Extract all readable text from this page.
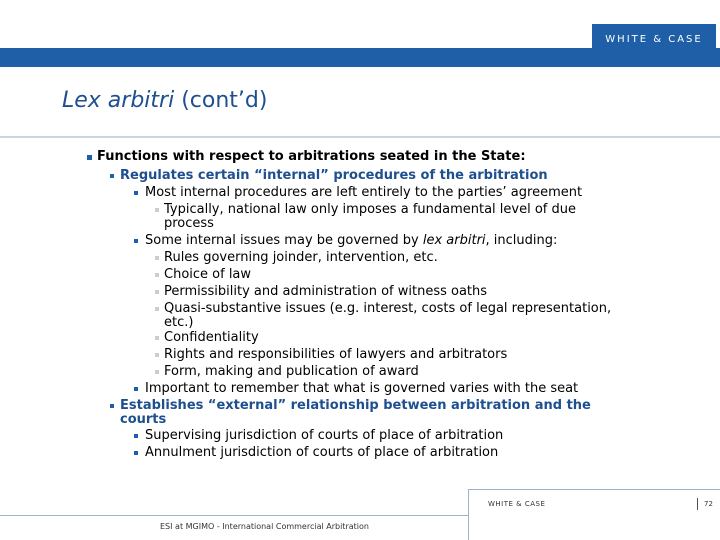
WHITE & CASE
Lex arbitri (cont’d)
Functions with respect to arbitrations seated in the State:
Regulates certain “internal” procedures of the arbitration
Most internal procedures are left entirely to the parties’ agreement
Typically, national law only imposes a fundamental level of due
process
Some internal issues may be governed by lex arbitri, including:
Rules governing joinder, intervention, etc.
Choice of law
Permissibility and administration of witness oaths
Quasi-substantive issues (e.g. interest, costs of legal representation,
etc.)
Confidentiality
Rights and responsibilities of lawyers and arbitrators
Form, making and publication of award
Important to remember that what is governed varies with the seat
Establishes “external” relationship between arbitration and the
courts
Supervising jurisdiction of courts of place of arbitration
Annulment jurisdiction of courts of place of arbitration
WHITE & CASE	72
ESI at MGIMO - International Commercial Arbitration
